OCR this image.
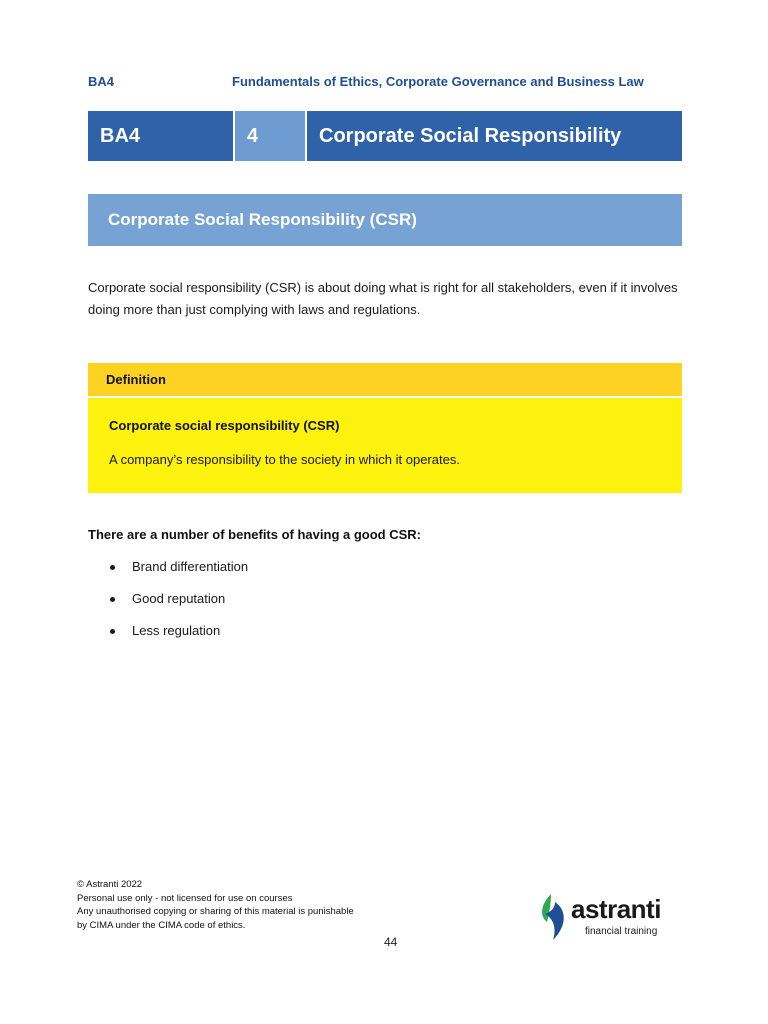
BA4	Fundamentals of Ethics, Corporate Governance and Business Law
BA4	4	Corporate Social Responsibility
Corporate Social Responsibility (CSR)
Corporate social responsibility (CSR) is about doing what is right for all stakeholders, even if it involves doing more than just complying with laws and regulations.
Definition
Corporate social responsibility (CSR)
A company’s responsibility to the society in which it operates.
There are a number of benefits of having a good CSR:
Brand differentiation
Good reputation
Less regulation
© Astranti 2022
Personal use only - not licensed for use on courses
Any unauthorised copying or sharing of this material is punishable
by CIMA under the CIMA code of ethics.
44
astranti
financial training
